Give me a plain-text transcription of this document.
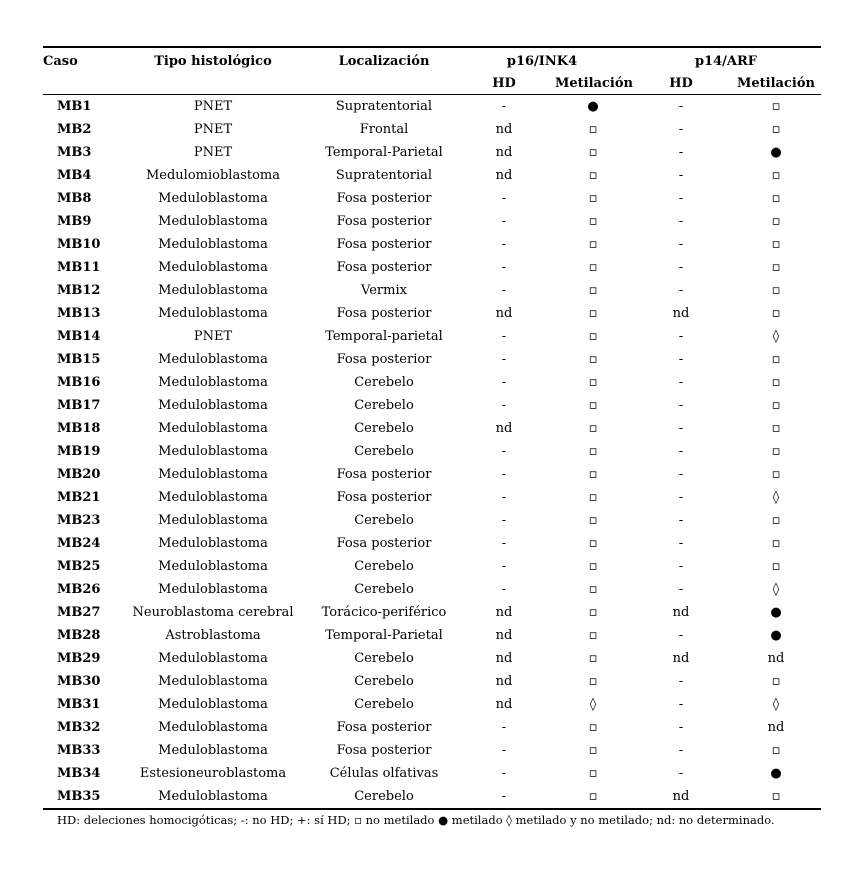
Caso	Tipo histológico	Localización	p16/INK4		p14/ARF	
			HD	Metilación	HD	Metilación
MB1	PNET	Supratentorial	-	●	-	▫
MB2	PNET	Frontal	nd	▫	-	▫
MB3	PNET	Temporal-Parietal	nd	▫	-	●
MB4	Medulomioblastoma	Supratentorial	nd	▫	-	▫
MB8	Meduloblastoma	Fosa posterior	-	▫	-	▫
MB9	Meduloblastoma	Fosa posterior	-	▫	-	▫
MB10	Meduloblastoma	Fosa posterior	-	▫	-	▫
MB11	Meduloblastoma	Fosa posterior	-	▫	-	▫
MB12	Meduloblastoma	Vermix	-	▫	-	▫
MB13	Meduloblastoma	Fosa posterior	nd	▫	nd	▫
MB14	PNET	Temporal-parietal	-	▫	-	◊
MB15	Meduloblastoma	Fosa posterior	-	▫	-	▫
MB16	Meduloblastoma	Cerebelo	-	▫	-	▫
MB17	Meduloblastoma	Cerebelo	-	▫	-	▫
MB18	Meduloblastoma	Cerebelo	nd	▫	-	▫
MB19	Meduloblastoma	Cerebelo	-	▫	-	▫
MB20	Meduloblastoma	Fosa posterior	-	▫	-	▫
MB21	Meduloblastoma	Fosa posterior	-	▫	-	◊
MB23	Meduloblastoma	Cerebelo	-	▫	-	▫
MB24	Meduloblastoma	Fosa posterior	-	▫	-	▫
MB25	Meduloblastoma	Cerebelo	-	▫	-	▫
MB26	Meduloblastoma	Cerebelo	-	▫	-	◊
MB27	Neuroblastoma cerebral	Torácico-periférico	nd	▫	nd	●
MB28	Astroblastoma	Temporal-Parietal	nd	▫	-	●
MB29	Meduloblastoma	Cerebelo	nd	▫	nd	nd
MB30	Meduloblastoma	Cerebelo	nd	▫	-	▫
MB31	Meduloblastoma	Cerebelo	nd	◊	-	◊
MB32	Meduloblastoma	Fosa posterior	-	▫	-	nd
MB33	Meduloblastoma	Fosa posterior	-	▫	-	▫
MB34	Estesioneuroblastoma	Células olfativas	-	▫	-	●
MB35	Meduloblastoma	Cerebelo	-	▫	nd	▫
HD: deleciones homocigóticas; -: no HD; +: sí HD; ▫ no metilado ● metilado ◊ metilado y no metilado; nd: no determinado.
